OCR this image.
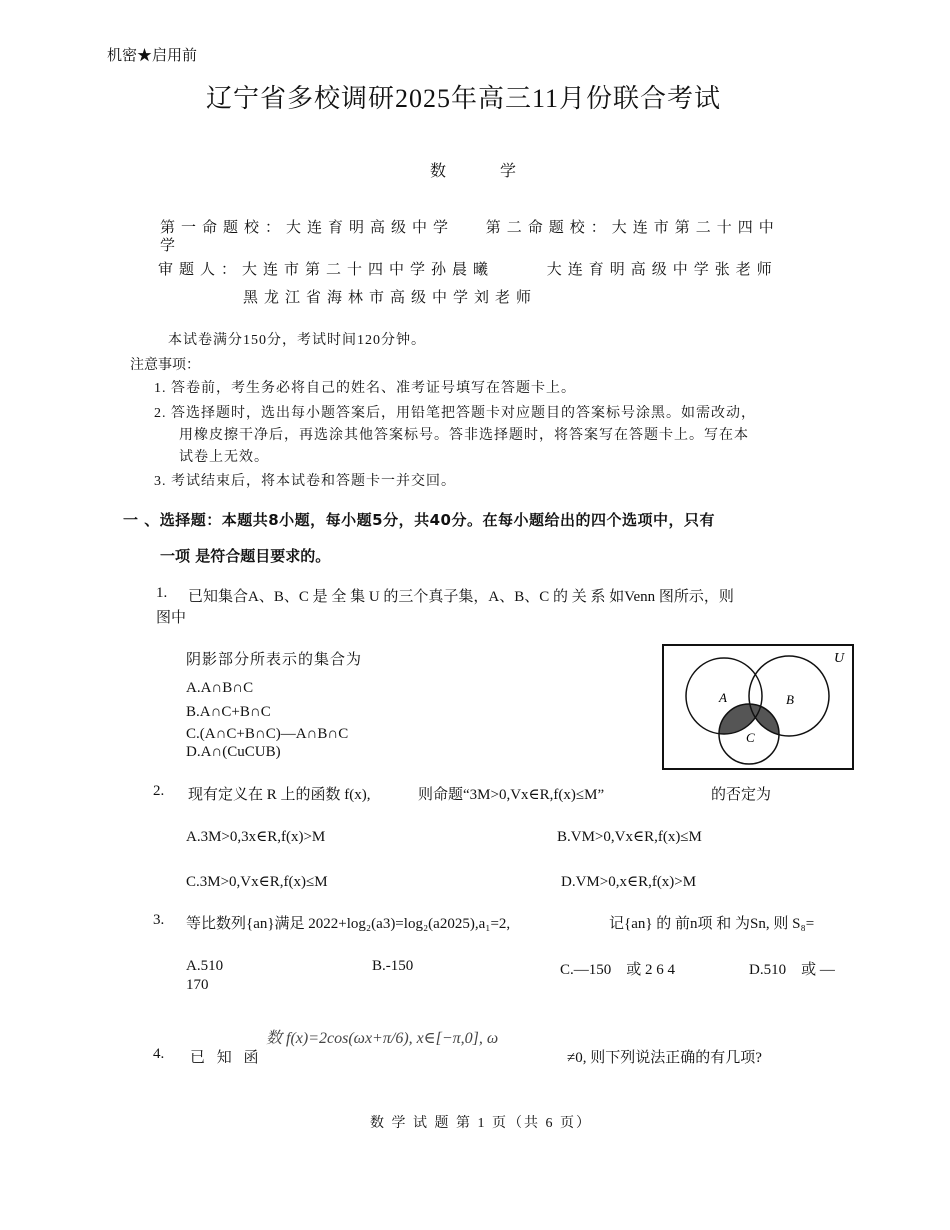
机密★启用前
辽宁省多校调研2025年高三11月份联合考试
数 学
第一命题校：大连育明高级中学　 第二命题校：大连市第二十四中
学
审题人：大连市第二十四中学孙晨曦　　 大连育明高级中学张老师
黑龙江省海林市高级中学刘老师
本试卷满分150分，考试时间120分钟。
注意事项：
1. 答卷前，考生务必将自己的姓名、准考证号填写在答题卡上。
2. 答选择题时，选出每小题答案后，用铅笔把答题卡对应题目的答案标号涂黑。如需改动，
用橡皮擦干净后，再选涂其他答案标号。答非选择题时，将答案写在答题卡上。写在本
试卷上无效。
3. 考试结束后，将本试卷和答题卡一并交回。
一 、选择题：本题共8小题，每小题5分，共40分。在每小题给出的四个选项中，只有
一项 是符合题目要求的。
1. 已知集合A、B、C 是 全 集 U 的三个真子集，A、B、C 的 关 系 如Venn 图所示，则
图中
阴影部分所表示的集合为
A.A∩B∩C
B.A∩C+B∩C
C.(A∩C+B∩C)—A∩B∩C
D.A∩(CuCUB)
U
A	B
C
2. 现有定义在 R 上的函数 f(x),	则命题“3M>0,Vx∈R,f(x)≤M”	的否定为
A.3M>0,3x∈R,f(x)>M	B.VM>0,Vx∈R,f(x)≤M
C.3M>0,Vx∈R,f(x)≤M	D.VM>0,x∈R,f(x)>M
3. 等比数列{an}满足 2022+log₂(a3)=log₂(a2025),a₁=2,	记{an} 的 前n项 和 为Sn, 则 S₈=
A.510	B.-150	C.—150　或 2 6 4	D.510　或 —
170
4. 已 知 函
数 f(x)=2cos(ωx+π/6), x∈[−π,0], ω
≠0, 则下列说法正确的有几项?
数 学 试 题 第 1 页（共 6 页）
